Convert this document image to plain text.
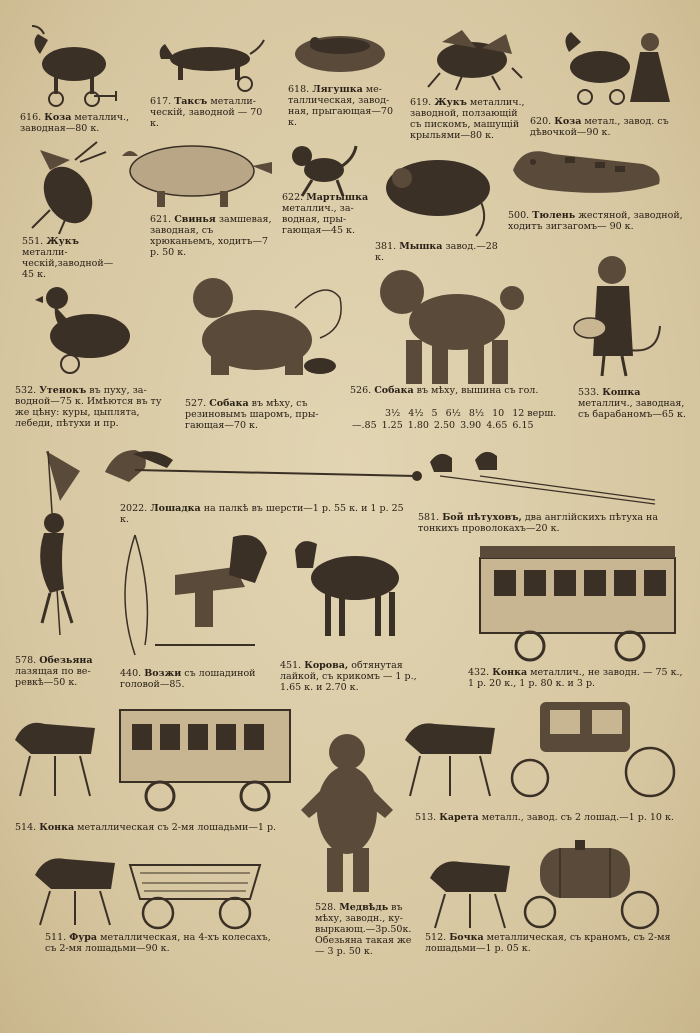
616. Коза металлич., заводная—80 к.
617. Таксъ металлическiй, заводной — 70 к.
618. Лягушка металлическая, заводная, прыгающая—70 к.
619. Жукъ металлич., заводной, ползающiй съ пискомъ, машущiй крыльями—80 к.
620. Коза метал., завод. съ дѣвочкой—90 к.
551. Жукъ металлическiй,заводной— 45 к.
621. Свинья замшевая, заводная, съ хрюканьемъ, ходитъ—7 р. 50 к.
622. Мартышка металлич., заводная, прыгающая—45 к.
381. Мышка завод.—28 к.
500. Тюлень жестяной, заводной, ходитъ зигзагомъ— 90 к.
532. Утенокъ въ пуху, заводной—75 к. Имѣются въ ту же цѣну: куры, цыплята, лебеди, пѣтухи и пр.
527. Собака въ мѣху, съ резиновымъ шаромъ, прыгающая—70 к.
526. Собака въ мѣху, вышина съ гол.
3½ 4½ 5 6½ 8½ 10 12 верш.
—.85 1.25 1.80 2.50 3.90 4.65 6.15
533. Кошка металлич., заводная, съ барабаномъ—65 к.
2022. Лошадка на палкѣ въ шерсти—1 р. 55 к. и 1 р. 25 к.	581. Бой пѣтуховъ, два англiйскихъ пѣтуха на тонкихъ проволокахъ—20 к.
578. Обезьяна лазящая по веревкѣ—50 к.
440. Возжи съ лошадиной головой—85.
451. Корова, обтянутая лайкой, съ крикомъ — 1 р., 1.65 к. и 2.70 к.
432. Конка металлич., не заводн. — 75 к., 1 р. 20 к., 1 р. 80 к. и 3 р.
514. Конка металлическая съ 2-мя лошадьми—1 р.
513. Карета металл., завод. съ 2 лошад.—1 р. 10 к.
511. Фура металлическая, на 4-хъ колесахъ, съ 2-мя лошадьми—90 к.
528. Медвѣдь въ мѣху, заводн., кувыркающ.—3р.50к. Обезьяна такая же— 3 р. 50 к.
512. Бочка металлическая, съ краномъ, съ 2-мя лошадьми—1 р. 05 к.
